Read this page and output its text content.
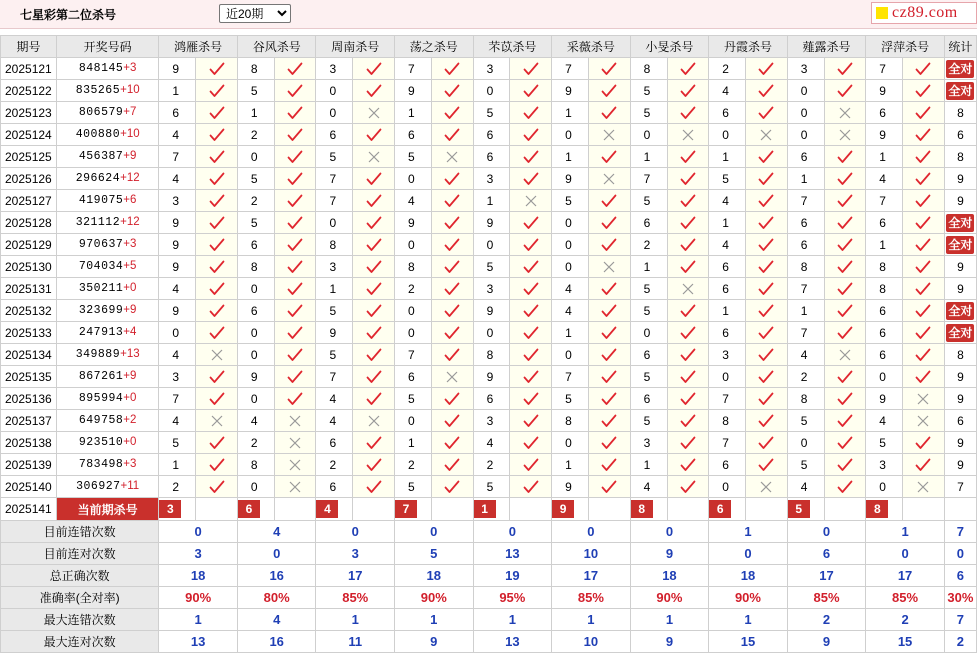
七星彩第二位杀号
近20期	cz89.com
期号	开奖号码	鸿雁杀号		谷风杀号		周南杀号		荡之杀号		芣苡杀号		采薇杀号		小旻杀号		丹霞杀号		薤露杀号		浮萍杀号		统计
2025121	848145+3	9		8		3		7		3		7		8		2		3		7		全对
2025122	835265+10	1		5		0		9		0		9		5		4		0		9		全对
2025123	806579+7	6		1		0		1		5		1		5		6		0		6		8
2025124	400880+10	4		2		6		6		6		0		0		0		0		9		6
2025125	456387+9	7		0		5		5		6		1		1		1		6		1		8
2025126	296624+12	4		5		7		0		3		9		7		5		1		4		9
2025127	419075+6	3		2		7		4		1		5		5		4		7		7		9
2025128	321112+12	9		5		0		9		9		0		6		1		6		6		全对
2025129	970637+3	9		6		8		0		0		0		2		4		6		1		全对
2025130	704034+5	9		8		3		8		5		0		1		6		8		8		9
2025131	350211+0	4		0		1		2		3		4		5		6		7		8		9
2025132	323699+9	9		6		5		0		9		4		5		1		1		6		全对
2025133	247913+4	0		0		9		0		0		1		0		6		7		6		全对
2025134	349889+13	4		0		5		7		8		0		6		3		4		6		8
2025135	867261+9	3		9		7		6		9		7		5		0		2		0		9
2025136	895994+0	7		0		4		5		6		5		6		7		8		9		9
2025137	649758+2	4		4		4		0		3		8		5		8		5		4		6
2025138	923510+0	5		2		6		1		4		0		3		7		0		5		9
2025139	783498+3	1		8		2		2		2		1		1		6		5		3		9
2025140	306927+11	2		0		6		5		5		9		4		0		4		0		7
2025141	当前期杀号	3		6		4		7		1		9		8		6		5		8		
目前连错次数		0		4		0		0		0		0		0		1		0		1		7
目前连对次数		3		0		3		5		13		10		9		0		6		0		0
总正确次数		18		16		17		18		19		17		18		18		17		17		6
准确率(全对率)		90%		80%		85%		90%		95%		85%		90%		90%		85%		85%		30%
最大连错次数		1		4		1		1		1		1		1		1		2		2		7
最大连对次数		13		16		11		9		13		10		9		15		9		15		2
